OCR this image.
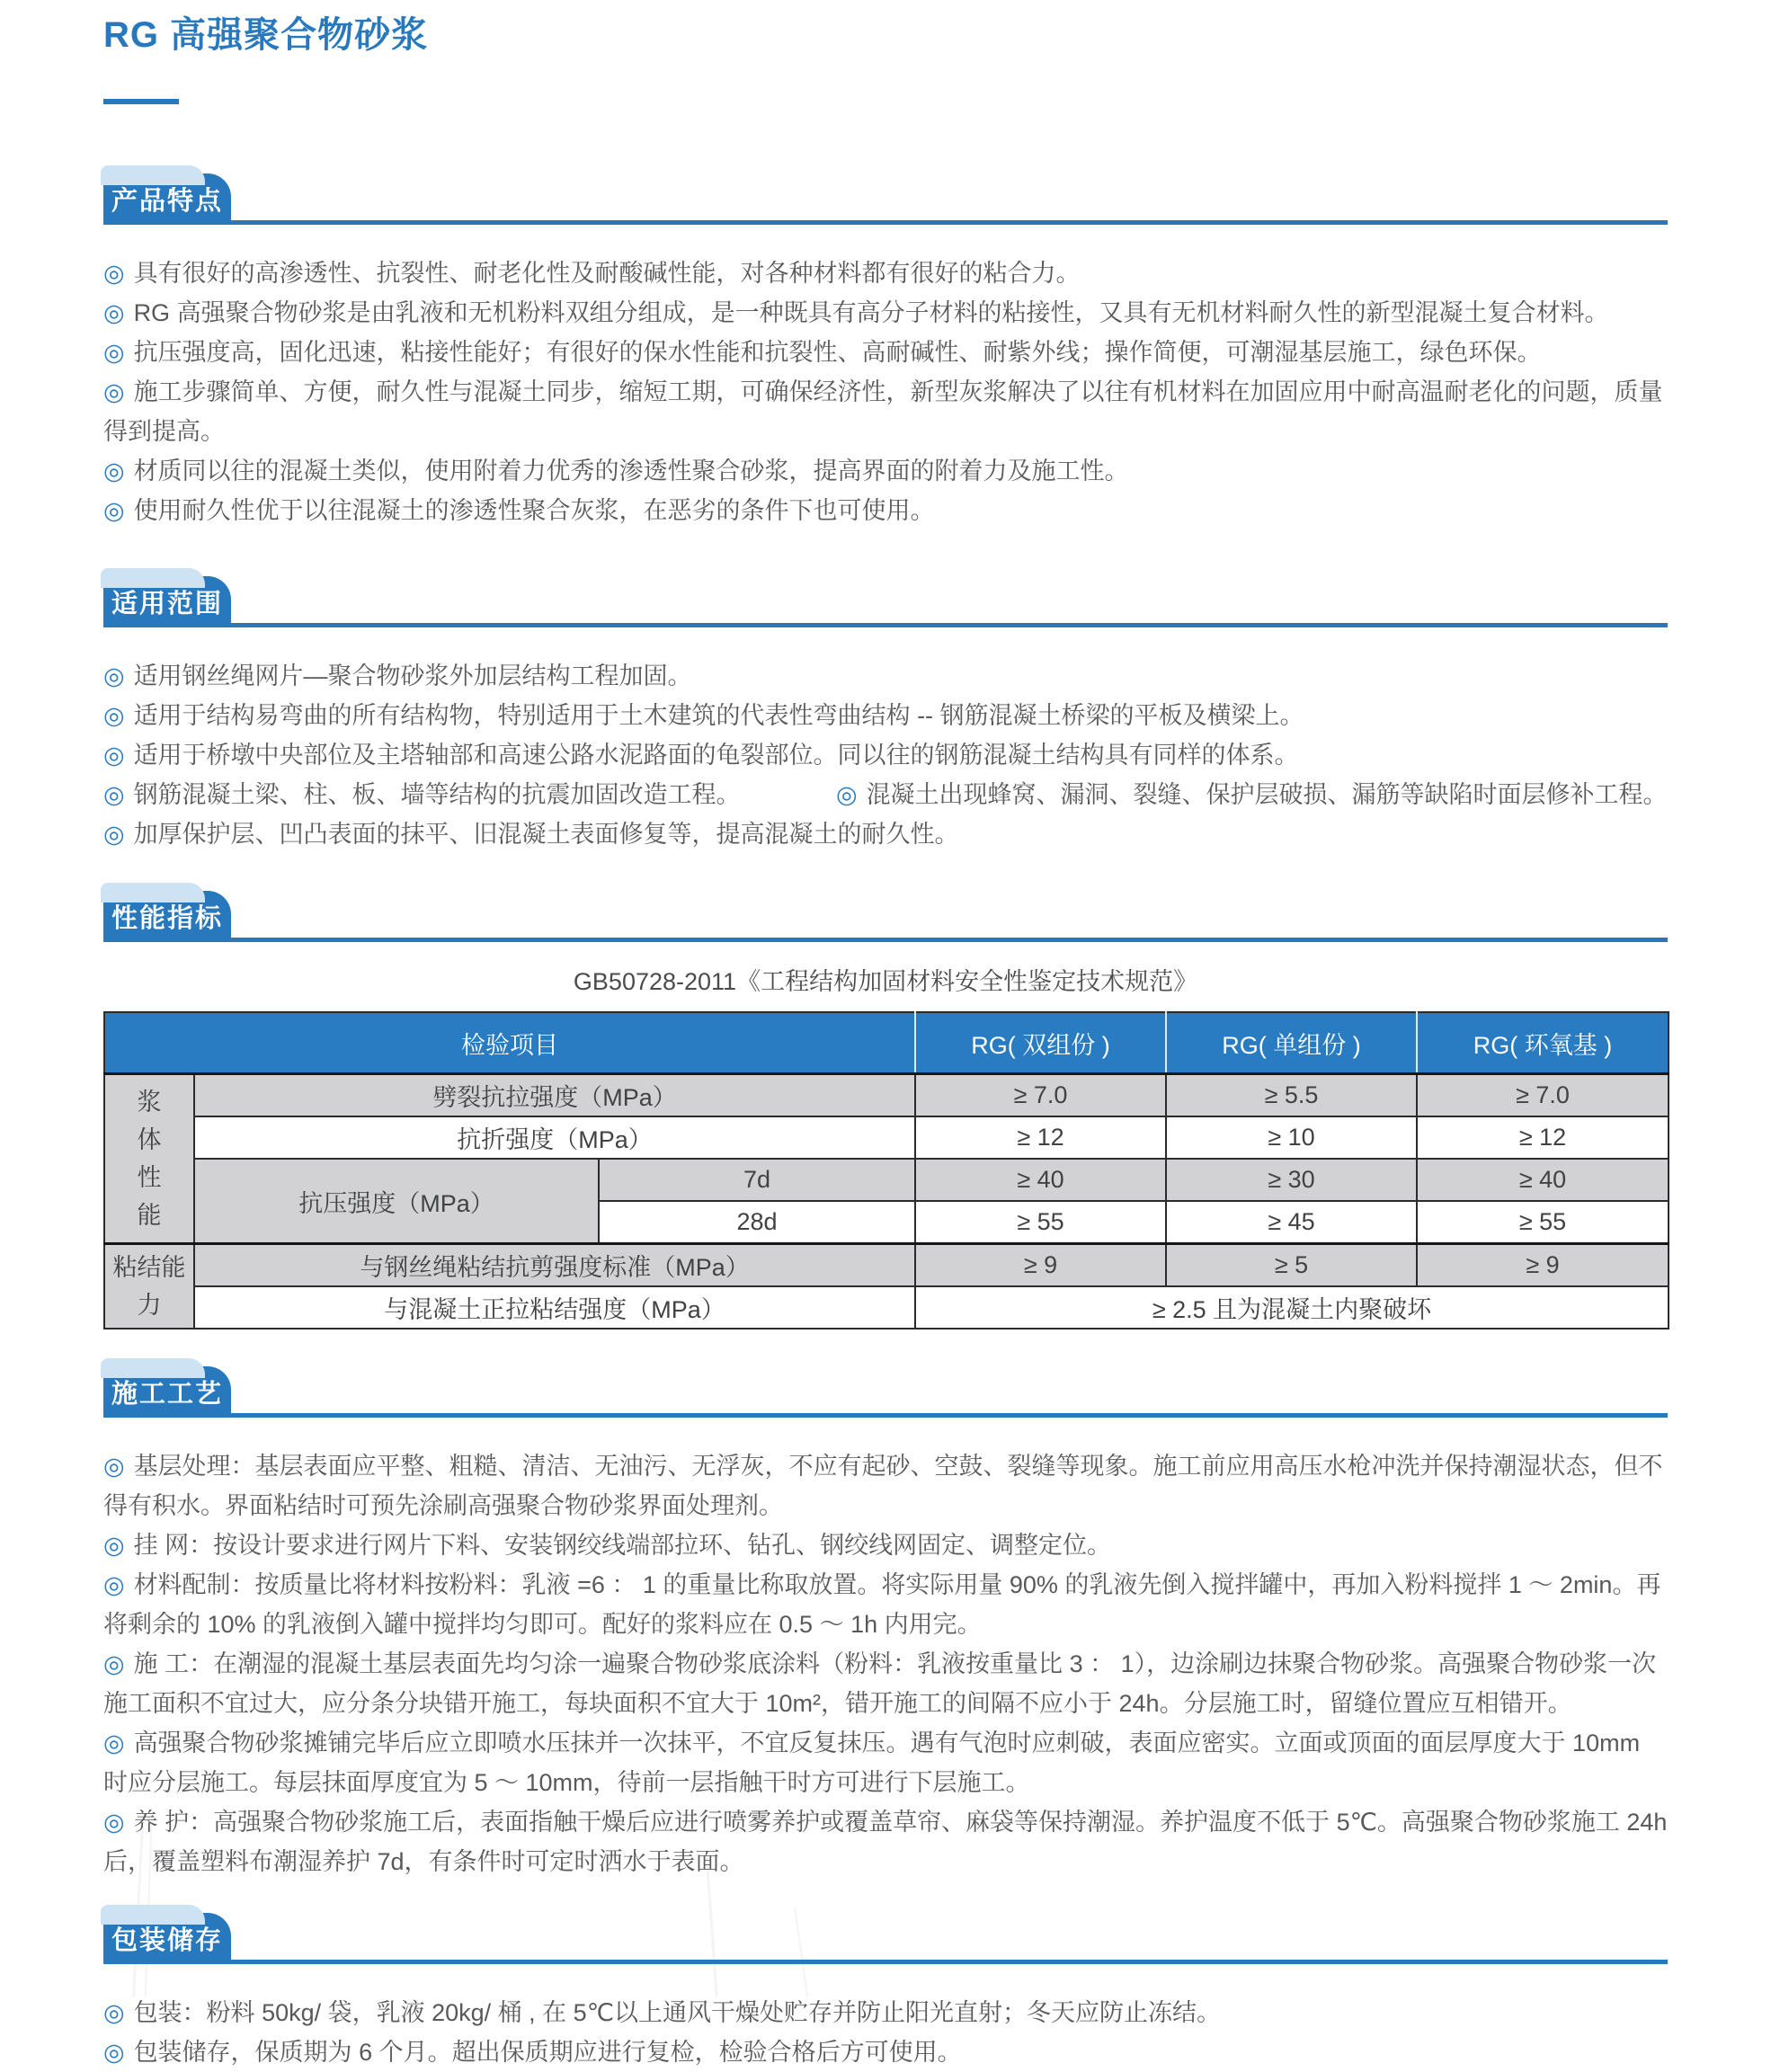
RG 高强聚合物砂浆
产品特点

◎ 具有很好的高渗透性、抗裂性、耐老化性及耐酸碱性能，对各种材料都有很好的粘合力。

◎ RG 高强聚合物砂浆是由乳液和无机粉料双组分组成，是一种既具有高分子材料的粘接性，又具有无机材料耐久性的新型混凝土复合材料。

◎ 抗压强度高，固化迅速，粘接性能好；有很好的保水性能和抗裂性、高耐碱性、耐紫外线；操作简便，可潮湿基层施工，绿色环保。

◎ 施工步骤简单、方便，耐久性与混凝土同步，缩短工期，可确保经济性，新型灰浆解决了以往有机材料在加固应用中耐高温耐老化的问题，质量得到提高。

◎ 材质同以往的混凝土类似，使用附着力优秀的渗透性聚合砂浆，提高界面的附着力及施工性。

◎ 使用耐久性优于以往混凝土的渗透性聚合灰浆，在恶劣的条件下也可使用。

适用范围

◎ 适用钢丝绳网片—聚合物砂浆外加层结构工程加固。

◎ 适用于结构易弯曲的所有结构物，特别适用于土木建筑的代表性弯曲结构 -- 钢筋混凝土桥梁的平板及横梁上。

◎ 适用于桥墩中央部位及主塔轴部和高速公路水泥路面的龟裂部位。同以往的钢筋混凝土结构具有同样的体系。

◎ 钢筋混凝土梁、柱、板、墙等结构的抗震加固改造工程。	◎ 混凝土出现蜂窝、漏洞、裂缝、保护层破损、漏筋等缺陷时面层修补工程。

◎ 加厚保护层、凹凸表面的抹平、旧混凝土表面修复等，提高混凝土的耐久性。

性能指标
GB50728-2011《工程结构加固材料安全性鉴定技术规范》
检验项目			RG( 双组份 )	RG( 单组份 )	RG( 环氧基 )
浆体性能	劈裂抗拉强度（MPa）		≥ 7.0	≥ 5.5	≥ 7.0
	抗折强度（MPa）		≥ 12	≥ 10	≥ 12
	抗压强度（MPa）	7d	≥ 40	≥ 30	≥ 40
		28d	≥ 55	≥ 45	≥ 55
粘结能力	与钢丝绳粘结抗剪强度标准（MPa）		≥ 9	≥ 5	≥ 9
	与混凝土正拉粘结强度（MPa）		≥ 2.5 且为混凝土内聚破坏		
施工工艺

◎ 基层处理：基层表面应平整、粗糙、清洁、无油污、无浮灰，不应有起砂、空鼓、裂缝等现象。施工前应用高压水枪冲洗并保持潮湿状态，但不得有积水。界面粘结时可预先涂刷高强聚合物砂浆界面处理剂。

◎ 挂 网：按设计要求进行网片下料、安装钢绞线端部拉环、钻孔、钢绞线网固定、调整定位。

◎ 材料配制：按质量比将材料按粉料：乳液 =6 ： 1 的重量比称取放置。将实际用量 90% 的乳液先倒入搅拌罐中，再加入粉料搅拌 1 ～ 2min。再将剩余的 10% 的乳液倒入罐中搅拌均匀即可。配好的浆料应在 0.5 ～ 1h 内用完。

◎ 施 工：在潮湿的混凝土基层表面先均匀涂一遍聚合物砂浆底涂料（粉料：乳液按重量比 3 ： 1），边涂刷边抹聚合物砂浆。高强聚合物砂浆一次施工面积不宜过大，应分条分块错开施工，每块面积不宜大于 10m²，错开施工的间隔不应小于 24h。分层施工时，留缝位置应互相错开。

◎ 高强聚合物砂浆摊铺完毕后应立即喷水压抹并一次抹平，不宜反复抹压。遇有气泡时应刺破，表面应密实。立面或顶面的面层厚度大于 10mm 时应分层施工。每层抹面厚度宜为 5 ～ 10mm，待前一层指触干时方可进行下层施工。

◎ 养 护：高强聚合物砂浆施工后，表面指触干燥后应进行喷雾养护或覆盖草帘、麻袋等保持潮湿。养护温度不低于 5℃。高强聚合物砂浆施工 24h 后，覆盖塑料布潮湿养护 7d，有条件时可定时洒水于表面。

包装储存

◎ 包装：粉料 50kg/ 袋，乳液 20kg/ 桶 , 在 5℃以上通风干燥处贮存并防止阳光直射；冬天应防止冻结。

◎ 包装储存，保质期为 6 个月。超出保质期应进行复检，检验合格后方可使用。
